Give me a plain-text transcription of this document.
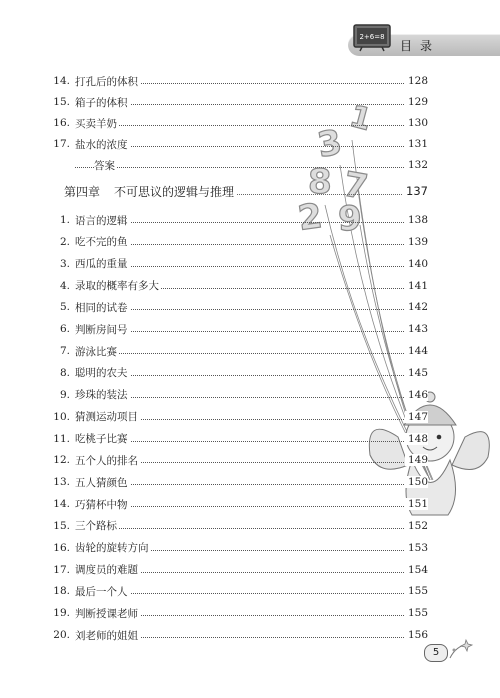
2+6=8
目录
1
3
8 7
2 9
14. 打孔后的体积	128
15. 箱子的体积	129
16. 买卖羊奶	130
17. 盐水的浓度	131
答案	132
第四章 不可思议的逻辑与推理	137
1. 语言的逻辑	138
2. 吃不完的鱼	139
3. 西瓜的重量	140
4. 录取的概率有多大	141
5. 相同的试卷	142
6. 判断房间号	143
7. 游泳比赛	144
8. 聪明的农夫	145
9. 珍珠的装法	146
10. 猜测运动项目	147
11. 吃桃子比赛	148
12. 五个人的排名	149
13. 五人猜颜色	150
14. 巧猜杯中物	151
15. 三个路标	152
16. 齿轮的旋转方向	153
17. 调度员的难题	154
18. 最后一个人	155
19. 判断授课老师	155
20. 刘老师的姐姐	156
5
